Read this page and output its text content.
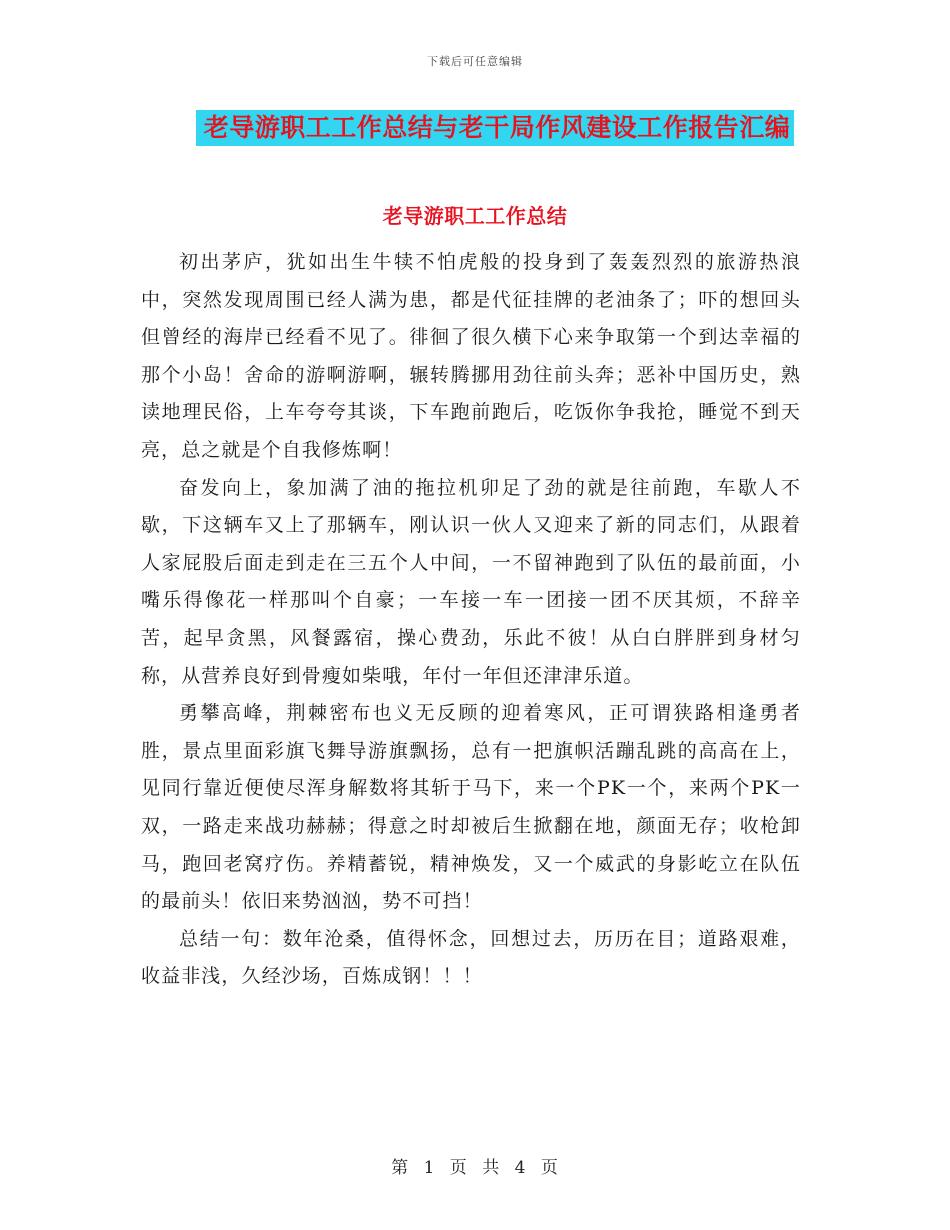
下载后可任意编辑
老导游职工工作总结与老干局作风建设工作报告汇编
老导游职工工作总结

初出茅庐，犹如出生牛犊不怕虎般的投身到了轰轰烈烈的旅游热浪中，突然发现周围已经人满为患，都是代征挂牌的老油条了；吓的想回头但曾经的海岸已经看不见了。徘徊了很久横下心来争取第一个到达幸福的那个小岛！舍命的游啊游啊，辗转腾挪用劲往前头奔；恶补中国历史，熟读地理民俗，上车夸夸其谈，下车跑前跑后，吃饭你争我抢，睡觉不到天亮，总之就是个自我修炼啊！

奋发向上，象加满了油的拖拉机卯足了劲的就是往前跑，车歇人不歇，下这辆车又上了那辆车，刚认识一伙人又迎来了新的同志们，从跟着人家屁股后面走到走在三五个人中间，一不留神跑到了队伍的最前面，小嘴乐得像花一样那叫个自豪；一车接一车一团接一团不厌其烦，不辞辛苦，起早贪黑，风餐露宿，操心费劲，乐此不彼！从白白胖胖到身材匀称，从营养良好到骨瘦如柴哦，年付一年但还津津乐道。

勇攀高峰，荆棘密布也义无反顾的迎着寒风，正可谓狭路相逢勇者胜，景点里面彩旗飞舞导游旗飘扬，总有一把旗帜活蹦乱跳的高高在上，见同行靠近便使尽浑身解数将其斩于马下，来一个PK一个，来两个PK一双，一路走来战功赫赫；得意之时却被后生掀翻在地，颜面无存；收枪卸马，跑回老窝疗伤。养精蓄锐，精神焕发，又一个威武的身影屹立在队伍的最前头！依旧来势汹汹，势不可挡！

总结一句：数年沧桑，值得怀念，回想过去，历历在目；道路艰难，收益非浅，久经沙场，百炼成钢！！！

第 1 页 共 4 页
